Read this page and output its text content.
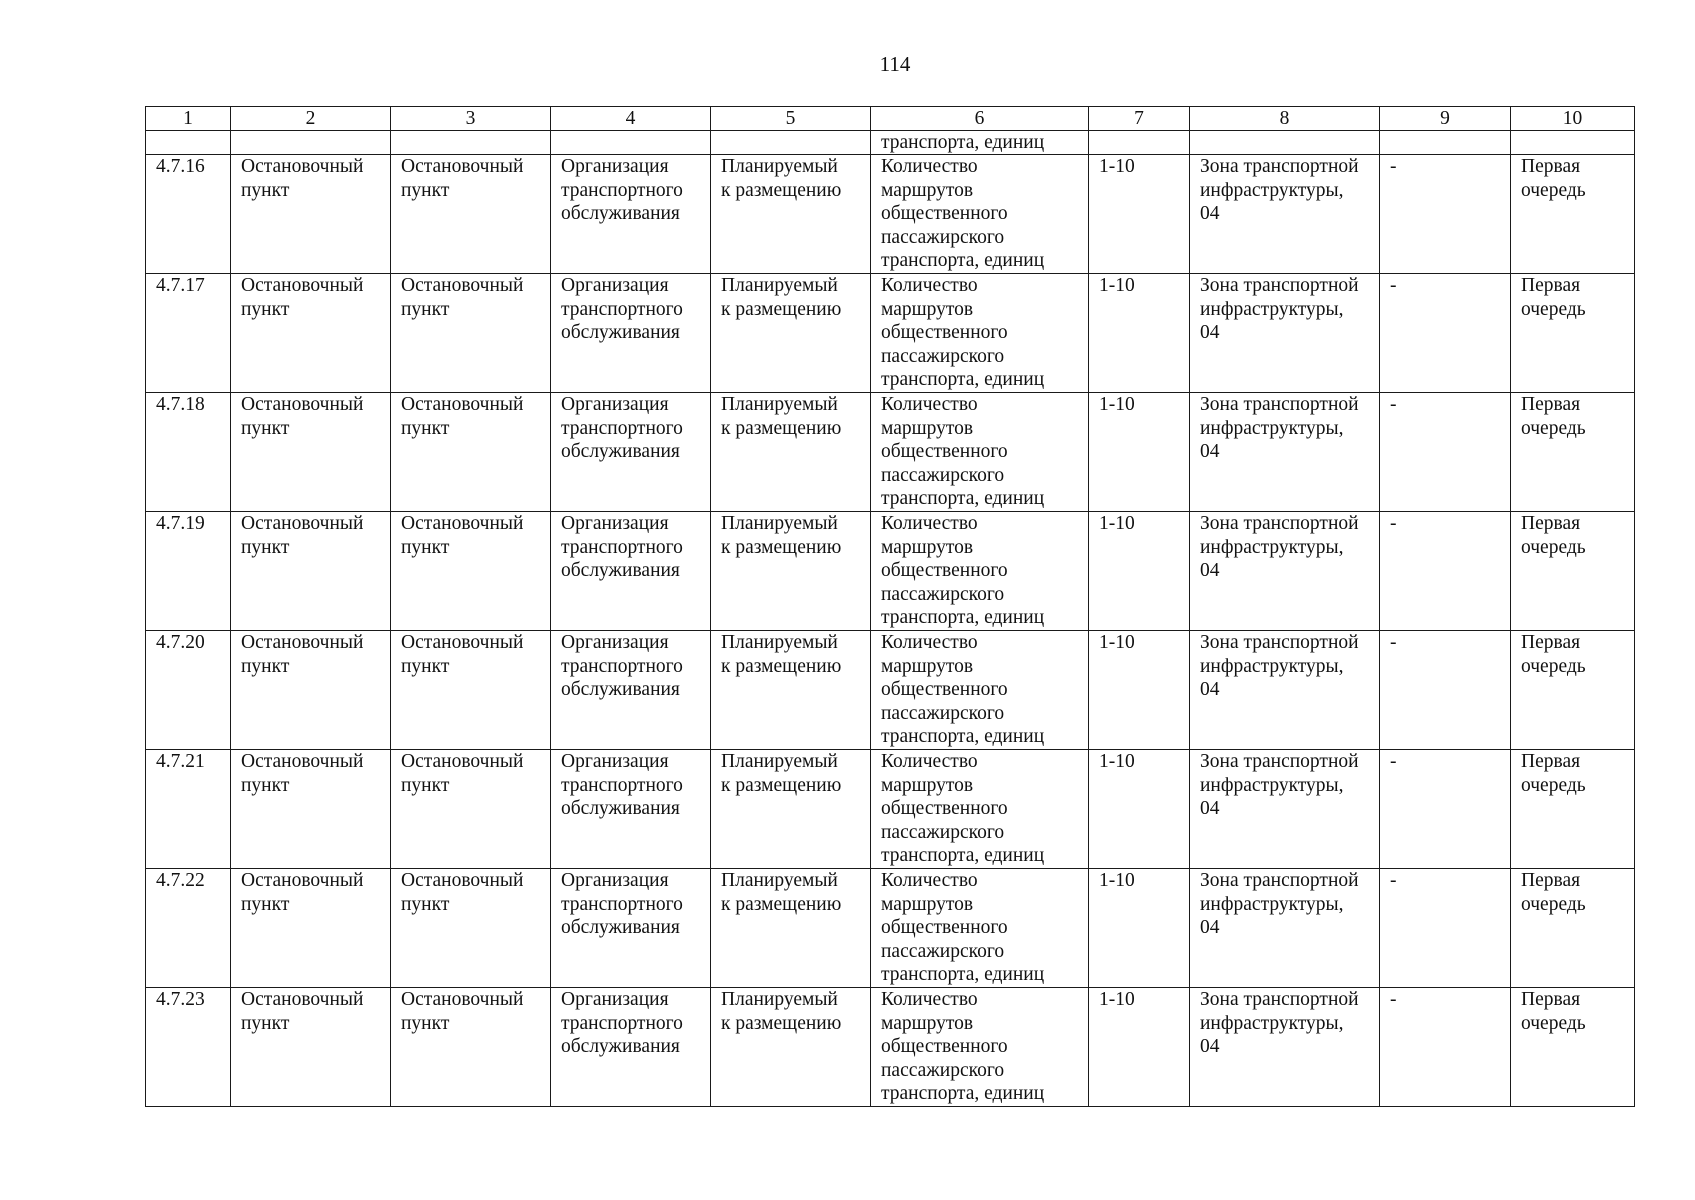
114
1	2	3	4	5	6	7	8	9	10
					транспорта, единиц				
4.7.16	Остановочный
пункт	Остановочный
пункт	Организация
транспортного
обслуживания	Планируемый
к размещению	Количество
маршрутов
общественного
пассажирского
транспорта, единиц	1-10	Зона транспортной
инфраструктуры,
04	-	Первая
очередь

4.7.17	Остановочный
пункт	Остановочный
пункт	Организация
транспортного
обслуживания	Планируемый
к размещению	Количество
маршрутов
общественного
пассажирского
транспорта, единиц	1-10	Зона транспортной
инфраструктуры,
04	-	Первая
очередь

4.7.18	Остановочный
пункт	Остановочный
пункт	Организация
транспортного
обслуживания	Планируемый
к размещению	Количество
маршрутов
общественного
пассажирского
транспорта, единиц	1-10	Зона транспортной
инфраструктуры,
04	-	Первая
очередь

4.7.19	Остановочный
пункт	Остановочный
пункт	Организация
транспортного
обслуживания	Планируемый
к размещению	Количество
маршрутов
общественного
пассажирского
транспорта, единиц	1-10	Зона транспортной
инфраструктуры,
04	-	Первая
очередь

4.7.20	Остановочный
пункт	Остановочный
пункт	Организация
транспортного
обслуживания	Планируемый
к размещению	Количество
маршрутов
общественного
пассажирского
транспорта, единиц	1-10	Зона транспортной
инфраструктуры,
04	-	Первая
очередь

4.7.21	Остановочный
пункт	Остановочный
пункт	Организация
транспортного
обслуживания	Планируемый
к размещению	Количество
маршрутов
общественного
пассажирского
транспорта, единиц	1-10	Зона транспортной
инфраструктуры,
04	-	Первая
очередь

4.7.22	Остановочный
пункт	Остановочный
пункт	Организация
транспортного
обслуживания	Планируемый
к размещению	Количество
маршрутов
общественного
пассажирского
транспорта, единиц	1-10	Зона транспортной
инфраструктуры,
04	-	Первая
очередь

4.7.23	Остановочный
пункт	Остановочный
пункт	Организация
транспортного
обслуживания	Планируемый
к размещению	Количество
маршрутов
общественного
пассажирского
транспорта, единиц	1-10	Зона транспортной
инфраструктуры,
04	-	Первая
очередь
